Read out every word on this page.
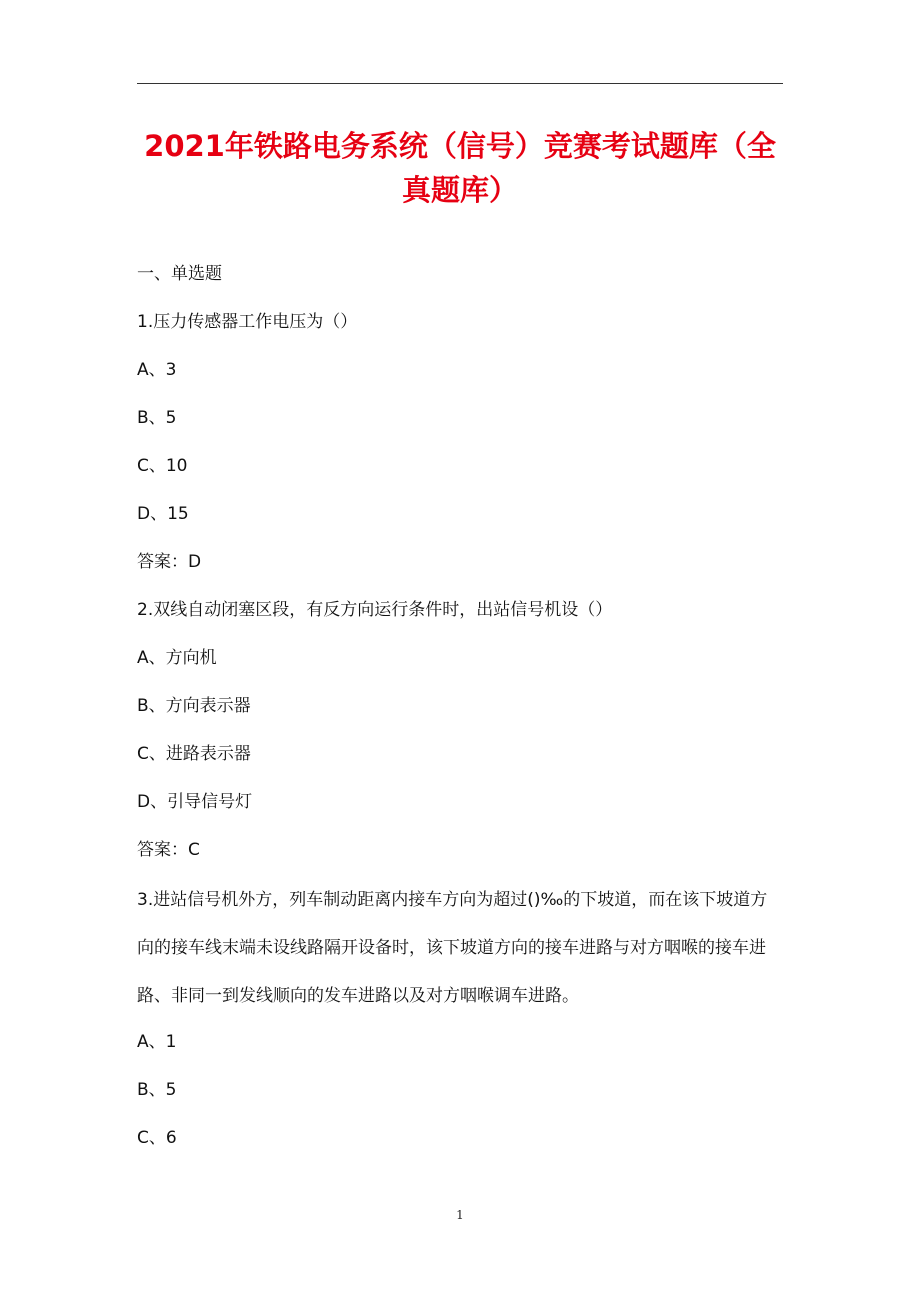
2021年铁路电务系统（信号）竞赛考试题库（全真题库）
一、单选题
1.压力传感器工作电压为（）
A、3
B、5
C、10
D、15
答案：D
2.双线自动闭塞区段，有反方向运行条件时，出站信号机设（）
A、方向机
B、方向表示器
C、进路表示器
D、引导信号灯
答案：C
3.进站信号机外方，列车制动距离内接车方向为超过()‰的下坡道，而在该下坡道方向的接车线末端未设线路隔开设备时，该下坡道方向的接车进路与对方咽喉的接车进路、非同一到发线顺向的发车进路以及对方咽喉调车进路。
A、1
B、5
C、6
1
